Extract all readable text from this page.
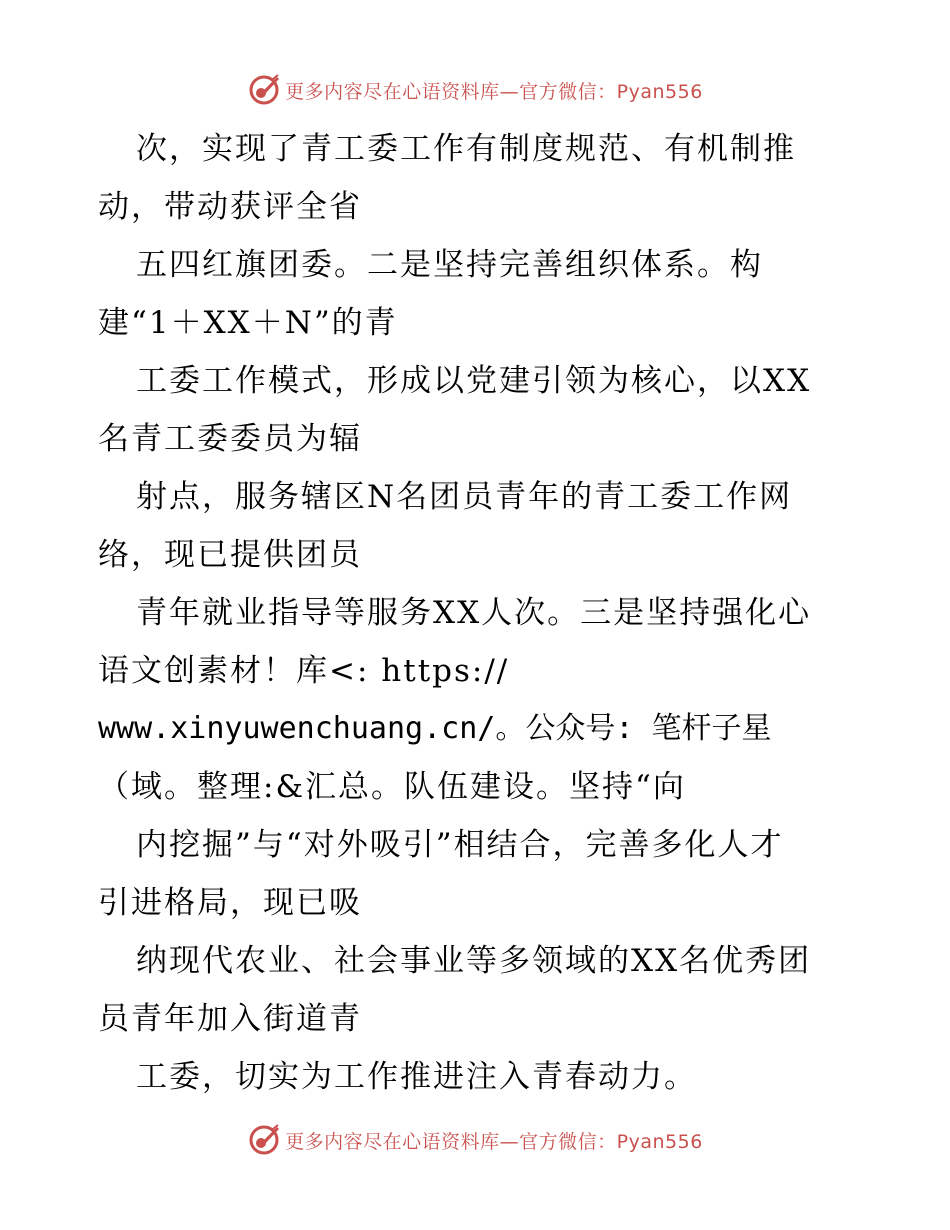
更多内容尽在心语资料库—官方微信：Pyan556
次，实现了青工委工作有制度规范、有机制推
动，带动获评全省
五四红旗团委。二是坚持完善组织体系。构
建“1＋XX＋N”的青
工委工作模式，形成以党建引领为核心，以XX
名青工委委员为辐
射点，服务辖区N名团员青年的青工委工作网
络，现已提供团员
青年就业指导等服务XX人次。三是坚持强化心
语文创素材！库<: https://
www.xinyuwenchuang.cn/。公众号: 笔杆子星
（域。整理:&汇总。队伍建设。坚持“向
内挖掘”与“对外吸引”相结合，完善多化人才
引进格局，现已吸
纳现代农业、社会事业等多领域的XX名优秀团
员青年加入街道青
工委，切实为工作推进注入青春动力。
更多内容尽在心语资料库—官方微信：Pyan556
